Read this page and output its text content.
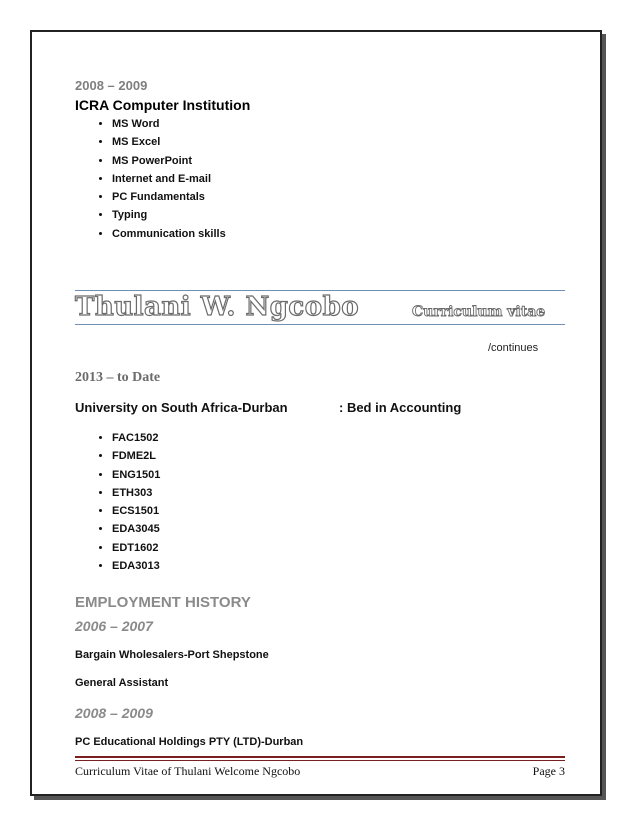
2008 – 2009
ICRA Computer Institution
• MS Word
• MS Excel
• MS PowerPoint
• Internet and E-mail
• PC Fundamentals
• Typing
• Communication skills
Thulani W. Ngcobo	Curriculum vitae
/continues
2013 – to Date
University on South Africa-Durban	: Bed in Accounting
• FAC1502
• FDME2L
• ENG1501
• ETH303
• ECS1501
• EDA3045
• EDT1602
• EDA3013
EMPLOYMENT HISTORY
2006 – 2007
Bargain Wholesalers-Port Shepstone
General Assistant
2008 – 2009
PC Educational Holdings PTY (LTD)-Durban
Curriculum Vitae of Thulani Welcome Ngcobo	Page 3
